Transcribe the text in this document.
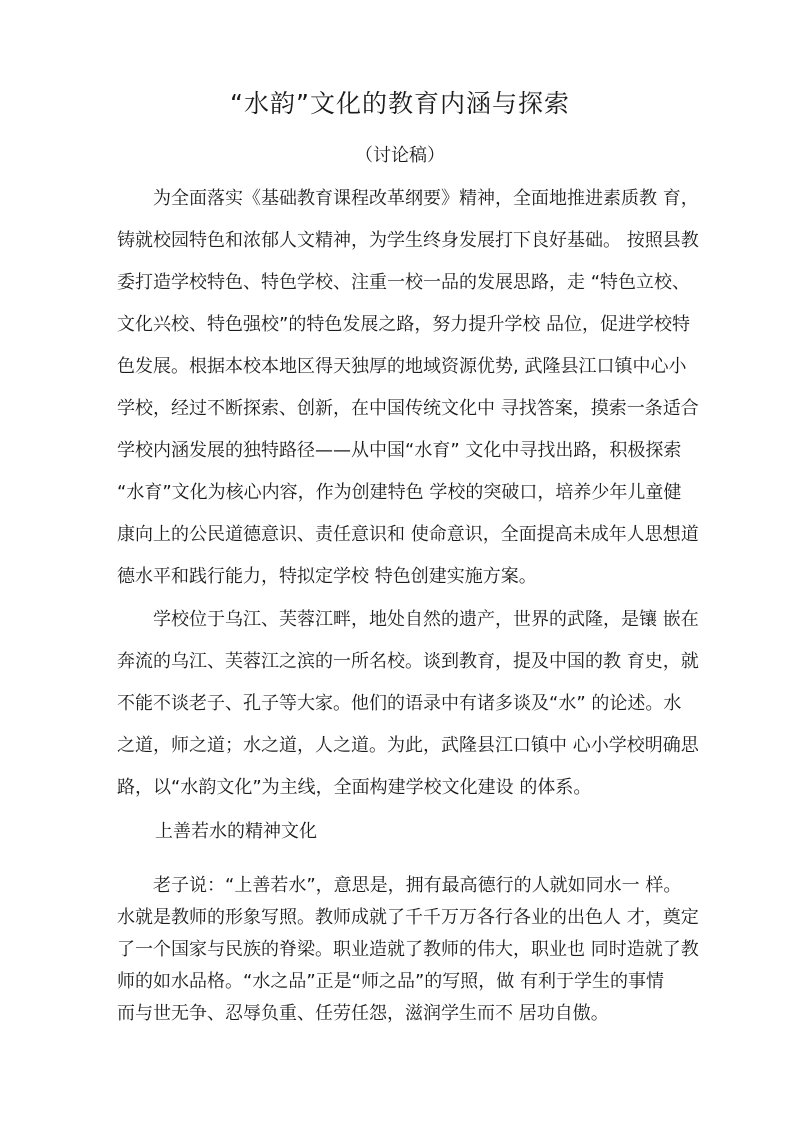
“水韵”文化的教育内涵与探索
（讨论稿）
为全面落实《基础教育课程改革纲要》精神，全面地推进素质教 育，
铸就校园特色和浓郁人文精神，为学生终身发展打下良好基础。 按照县教
委打造学校特色、特色学校、注重一校一品的发展思路，走 “特色立校、
文化兴校、特色强校”的特色发展之路，努力提升学校 品位，促进学校特
色发展。根据本校本地区得天独厚的地域资源优势, 武隆县江口镇中心小
学校，经过不断探索、创新，在中国传统文化中 寻找答案，摸索一条适合
学校内涵发展的独特路径——从中国“水育” 文化中寻找出路，积极探索
“水育”文化为核心内容，作为创建特色 学校的突破口，培养少年儿童健
康向上的公民道德意识、责任意识和 使命意识，全面提高未成年人思想道
德水平和践行能力，特拟定学校 特色创建实施方案。
学校位于乌江、芙蓉江畔，地处自然的遗产，世界的武隆，是镶 嵌在
奔流的乌江、芙蓉江之滨的一所名校。谈到教育，提及中国的教 育史，就
不能不谈老子、孔子等大家。他们的语录中有诸多谈及“水” 的论述。水
之道，师之道；水之道，人之道。为此，武隆县江口镇中 心小学校明确思
路，以“水韵文化”为主线，全面构建学校文化建设 的体系。
上善若水的精神文化
老子说：“上善若水”，意思是，拥有最高德行的人就如同水一 样。
水就是教师的形象写照。教师成就了千千万万各行各业的出色人 才，奠定
了一个国家与民族的脊梁。职业造就了教师的伟大，职业也 同时造就了教
师的如水品格。“水之品”正是“师之品”的写照，做 有利于学生的事情
而与世无争、忍辱负重、任劳任怨，滋润学生而不 居功自傲。
